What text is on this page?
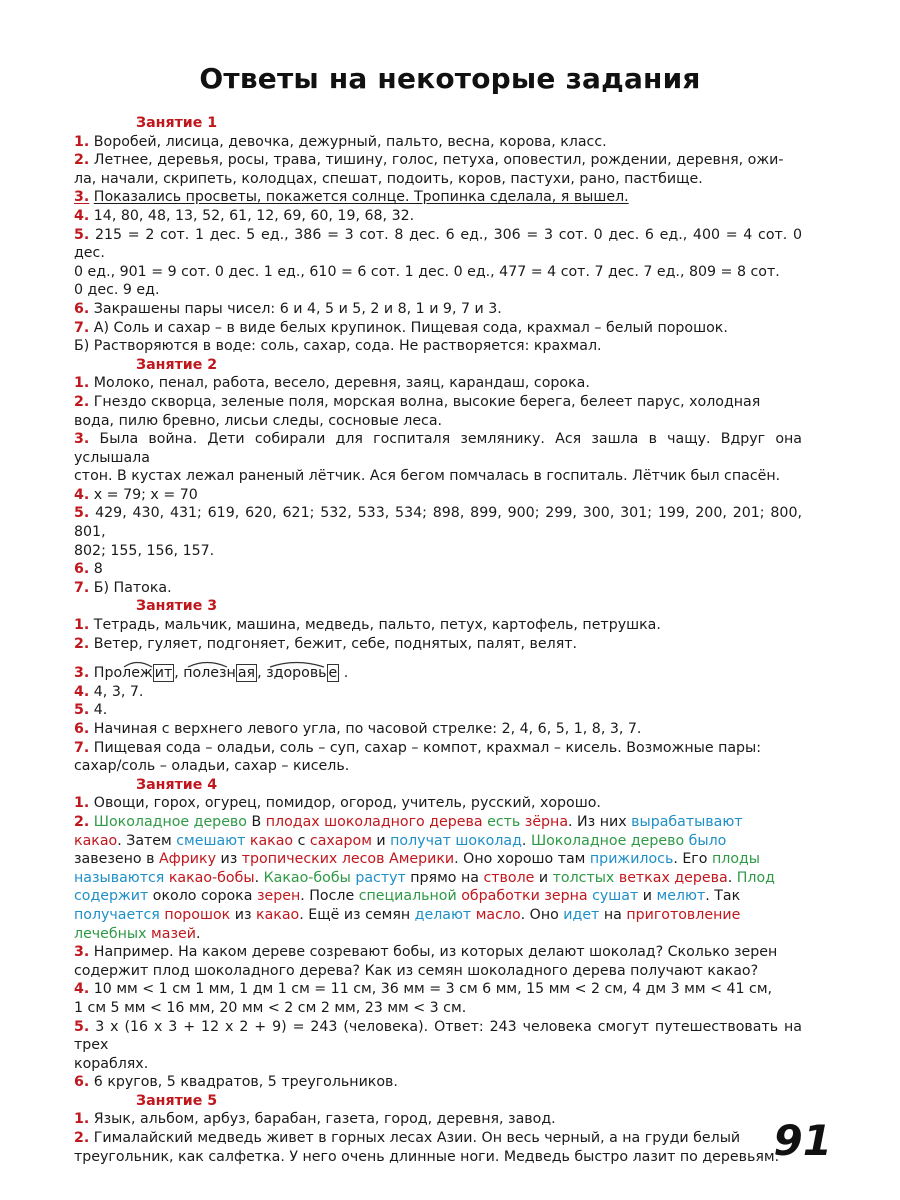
Ответы на некоторые задания
Занятие 1
1. Воробей, лисица, девочка, дежурный, пальто, весна, корова, класс.
2. Летнее, деревья, росы, трава, тишину, голос, петуха, оповестил, рождении, деревня, ожи-
ла, начали, скрипеть, колодцах, спешат, подоить, коров, пастухи, рано, пастбище.
3. Показались просветы, покажется солнце. Тропинка сделала, я вышел.
4. 14, 80, 48, 13, 52, 61, 12, 69, 60, 19, 68, 32.
5. 215 = 2 сот. 1 дес. 5 ед., 386 = 3 сот. 8 дес. 6 ед., 306 = 3 сот. 0 дес. 6 ед., 400 = 4 сот. 0 дес.
0 ед., 901 = 9 сот. 0 дес. 1 ед., 610 = 6 сот. 1 дес. 0 ед., 477 = 4 сот. 7 дес. 7 ед., 809 = 8 сот.
0 дес. 9 ед.
6. Закрашены пары чисел: 6 и 4, 5 и 5, 2 и 8, 1 и 9, 7 и 3.
7. А) Соль и сахар – в виде белых крупинок. Пищевая сода, крахмал – белый порошок.
Б) Растворяются в воде: соль, сахар, сода. Не растворяется: крахмал.
Занятие 2
1. Молоко, пенал, работа, весело, деревня, заяц, карандаш, сорока.
2. Гнездо скворца, зеленые поля, морская волна, высокие берега, белеет парус, холодная
вода, пилю бревно, лисьи следы, сосновые леса.
3. Была война. Дети собирали для госпиталя землянику. Ася зашла в чащу. Вдруг она услышала
стон. В кустах лежал раненый лётчик. Ася бегом помчалась в госпиталь. Лётчик был спасён.
4. х = 79; х = 70
5. 429, 430, 431; 619, 620, 621; 532, 533, 534; 898, 899, 900; 299, 300, 301; 199, 200, 201; 800, 801,
802; 155, 156, 157.
6. 8
7. Б) Патока.
Занятие 3
1. Тетрадь, мальчик, машина, медведь, пальто, петух, картофель, петрушка.
2. Ветер, гуляет, подгоняет, бежит, себе, поднятых, палят, велят.
3. Пролеж ит ,
полезн ая ,
здоровь е .
4. 4, 3, 7.
5. 4.
6. Начиная с верхнего левого угла, по часовой стрелке: 2, 4, 6, 5, 1, 8, 3, 7.
7. Пищевая сода – оладьи, соль – суп, сахар – компот, крахмал – кисель. Возможные пары:
сахар/соль – оладьи, сахар – кисель.
Занятие 4
1. Овощи, горох, огурец, помидор, огород, учитель, русский, хорошо.
2. Шоколадное дерево В плодах шоколадного дерева есть зёрна. Из них вырабатывают
какао. Затем смешают какао с сахаром и получат шоколад. Шоколадное дерево было
завезено в Африку из тропических лесов Америки. Оно хорошо там прижилось. Его плоды
называются какао-бобы. Какао-бобы растут прямо на стволе и толстых ветках дерева. Плод
содержит около сорока зерен. После специальной обработки зерна сушат и мелют. Так
получается порошок из какао. Ещё из семян делают масло. Оно идет на приготовление
лечебных мазей.
3. Например. На каком дереве созревают бобы, из которых делают шоколад? Сколько зерен
содержит плод шоколадного дерева? Как из семян шоколадного дерева получают какао?
4. 10 мм < 1 см 1 мм, 1 дм 1 см = 11 см, 36 мм = 3 см 6 мм, 15 мм < 2 см, 4 дм 3 мм < 41 см,
1 см 5 мм < 16 мм, 20 мм < 2 см 2 мм, 23 мм < 3 см.
5. 3 х (16 х 3 + 12 х 2 + 9) = 243 (человека). Ответ: 243 человека смогут путешествовать на трех
кораблях.
6. 6 кругов, 5 квадратов, 5 треугольников.
Занятие 5
1. Язык, альбом, арбуз, барабан, газета, город, деревня, завод.
2. Гималайский медведь живет в горных лесах Азии. Он весь черный, а на груди белый
треугольник, как салфетка. У него очень длинные ноги. Медведь быстро лазит по деревьям.
91
